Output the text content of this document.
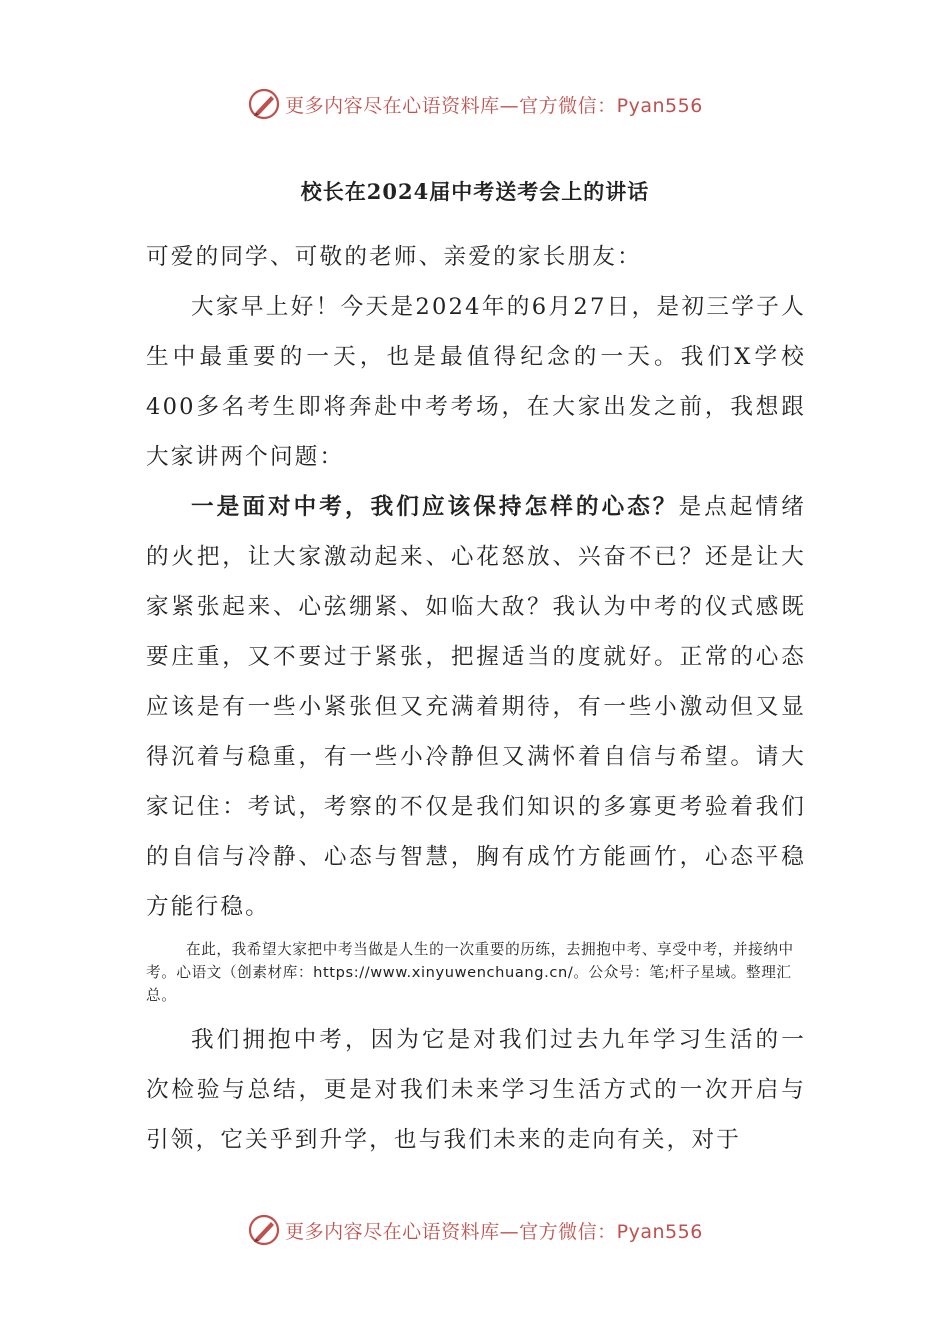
更多内容尽在心语资料库—官方微信：Pyan556
校长在2024届中考送考会上的讲话

可爱的同学、可敬的老师、亲爱的家长朋友：

大家早上好！今天是2024年的6月27日，是初三学子人生中最重要的一天，也是最值得纪念的一天。我们X学校400多名考生即将奔赴中考考场，在大家出发之前，我想跟大家讲两个问题：

一是面对中考，我们应该保持怎样的心态？是点起情绪的火把，让大家激动起来、心花怒放、兴奋不已？还是让大家紧张起来、心弦绷紧、如临大敌？我认为中考的仪式感既要庄重，又不要过于紧张，把握适当的度就好。正常的心态应该是有一些小紧张但又充满着期待，有一些小激动但又显得沉着与稳重，有一些小冷静但又满怀着自信与希望。请大家记住：考试，考察的不仅是我们知识的多寡更考验着我们的自信与冷静、心态与智慧，胸有成竹方能画竹，心态平稳方能行稳。

在此，我希望大家把中考当做是人生的一次重要的历练，去拥抱中考、享受中考，并接纳中考。心语文（创素材库：https://www.xinyuwenchuang.cn/。公众号：笔;杆子星域。整理汇总。

我们拥抱中考，因为它是对我们过去九年学习生活的一次检验与总结，更是对我们未来学习生活方式的一次开启与引领，它关乎到升学，也与我们未来的走向有关，对于

更多内容尽在心语资料库—官方微信：Pyan556
